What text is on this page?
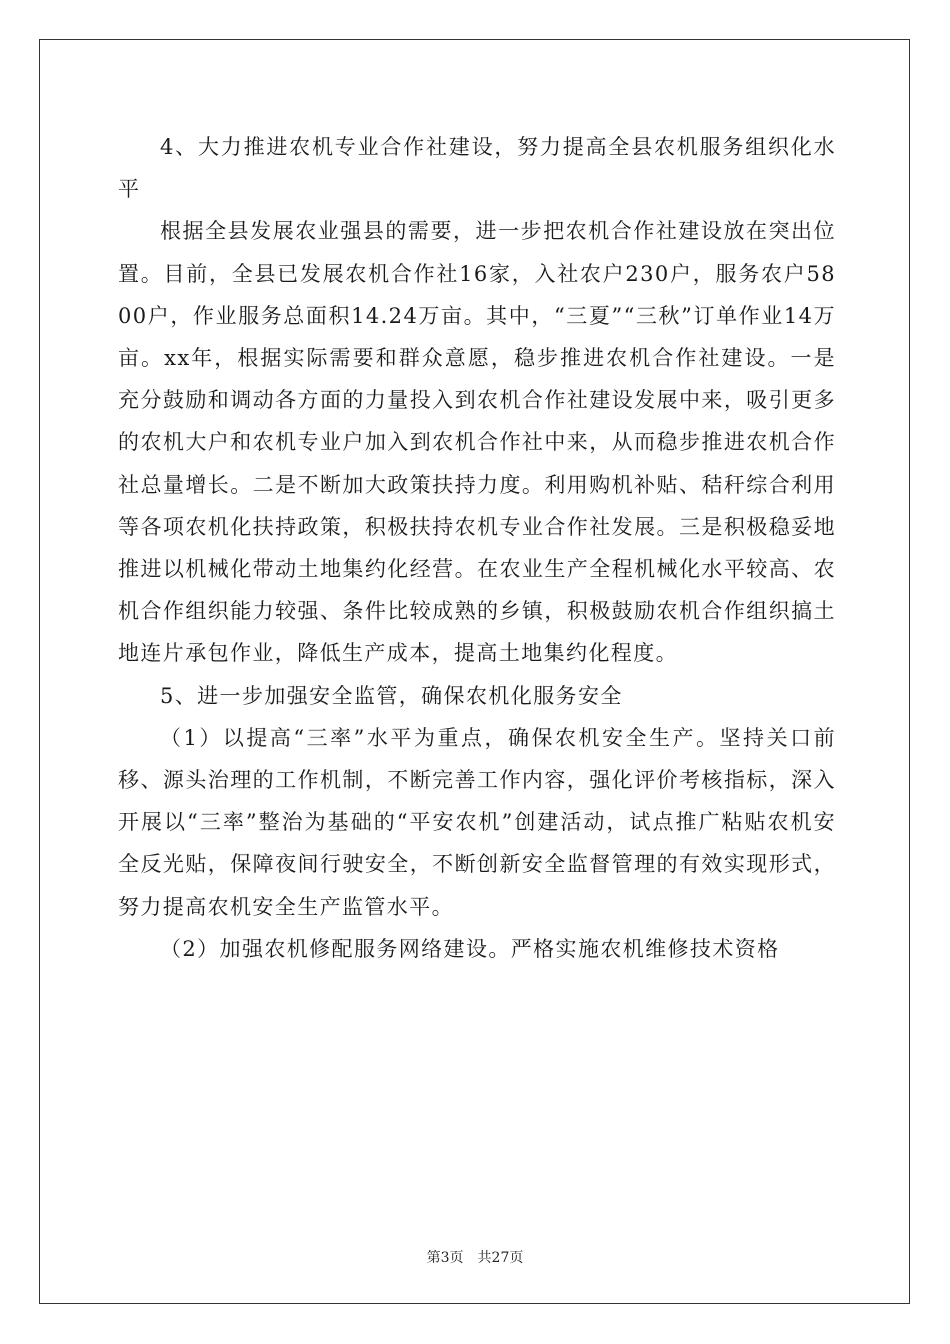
4、大力推进农机专业合作社建设，努力提高全县农机服务组织化水平

根据全县发展农业强县的需要，进一步把农机合作社建设放在突出位置。目前，全县已发展农机合作社16家，入社农户230户，服务农户5800户，作业服务总面积14.24万亩。其中，“三夏”“三秋”订单作业14万亩。xx年，根据实际需要和群众意愿，稳步推进农机合作社建设。一是充分鼓励和调动各方面的力量投入到农机合作社建设发展中来，吸引更多的农机大户和农机专业户加入到农机合作社中来，从而稳步推进农机合作社总量增长。二是不断加大政策扶持力度。利用购机补贴、秸秆综合利用等各项农机化扶持政策，积极扶持农机专业合作社发展。三是积极稳妥地推进以机械化带动土地集约化经营。在农业生产全程机械化水平较高、农机合作组织能力较强、条件比较成熟的乡镇，积极鼓励农机合作组织搞土地连片承包作业，降低生产成本，提高土地集约化程度。

5、进一步加强安全监管，确保农机化服务安全

（1）以提高“三率”水平为重点，确保农机安全生产。坚持关口前移、源头治理的工作机制，不断完善工作内容，强化评价考核指标，深入开展以“三率”整治为基础的“平安农机”创建活动，试点推广粘贴农机安全反光贴，保障夜间行驶安全，不断创新安全监督管理的有效实现形式，努力提高农机安全生产监管水平。

（2）加强农机修配服务网络建设。严格实施农机维修技术资格

第3页　共27页
